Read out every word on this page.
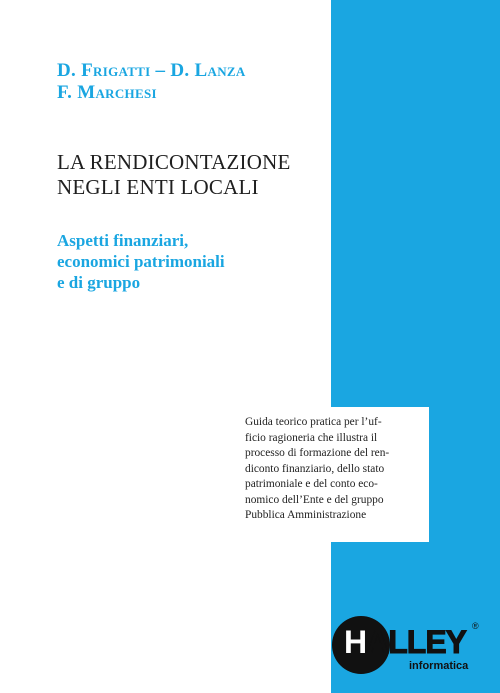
D. Frigatti – D. Lanza
F. Marchesi
LA RENDICONTAZIONE
NEGLI ENTI LOCALI
Aspetti finanziari,
economici patrimoniali
e di gruppo
Guida teorico pratica per l’uf-
ficio ragioneria che illustra il
processo di formazione del ren-
diconto finanziario, dello stato
patrimoniale e del conto eco-
nomico dell’Ente e del gruppo
Pubblica Amministrazione
HALLEY ®
informatica
